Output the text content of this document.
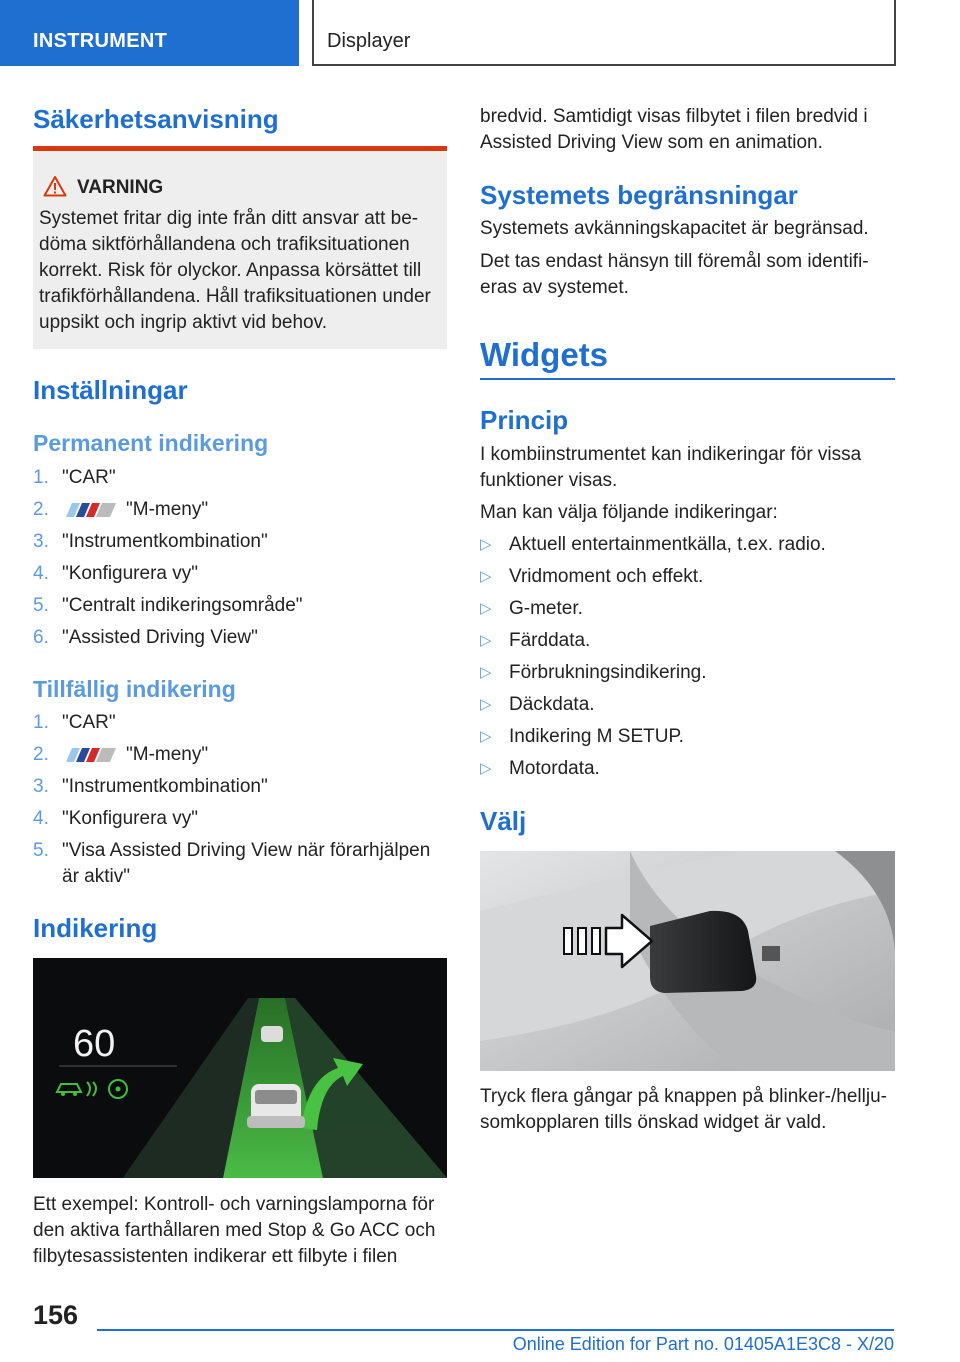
INSTRUMENT	Displayer
Säkerhetsanvisning
VARNING
Systemet fritar dig inte från ditt ansvar att be-
döma siktförhållandena och trafiksituationen
korrekt. Risk för olyckor. Anpassa körsättet till
trafikförhållandena. Håll trafiksituationen under
uppsikt och ingrip aktivt vid behov.
Inställningar
Permanent indikering
1. "CAR"
2.	"M-meny"
3. "Instrumentkombination"
4. "Konfigurera vy"
5. "Centralt indikeringsområde"
6. "Assisted Driving View"
Tillfällig indikering
1. "CAR"
2.	"M-meny"
3. "Instrumentkombination"
4. "Konfigurera vy"
5. "Visa Assisted Driving View när förarhjälpen
är aktiv"
Indikering
60
Ett exempel: Kontroll- och varningslamporna för
den aktiva farthållaren med Stop & Go ACC och
filbytesassistenten indikerar ett filbyte i filen
bredvid. Samtidigt visas filbytet i filen bredvid i
Assisted Driving View som en animation.
Systemets begränsningar
Systemets avkänningskapacitet är begränsad.
Det tas endast hänsyn till föremål som identifi-
eras av systemet.
Widgets
Princip
I kombiinstrumentet kan indikeringar för vissa
funktioner visas.
Man kan välja följande indikeringar:
▷ Aktuell entertainmentkälla, t.ex. radio.
▷ Vridmoment och effekt.
▷ G-meter.
▷ Färddata.
▷ Förbrukningsindikering.
▷ Däckdata.
▷ Indikering M SETUP.
▷ Motordata.
Välj
Tryck flera gångar på knappen på blinker-/hellju-
somkopplaren tills önskad widget är vald.
156
Online Edition for Part no. 01405A1E3C8 - X/20
